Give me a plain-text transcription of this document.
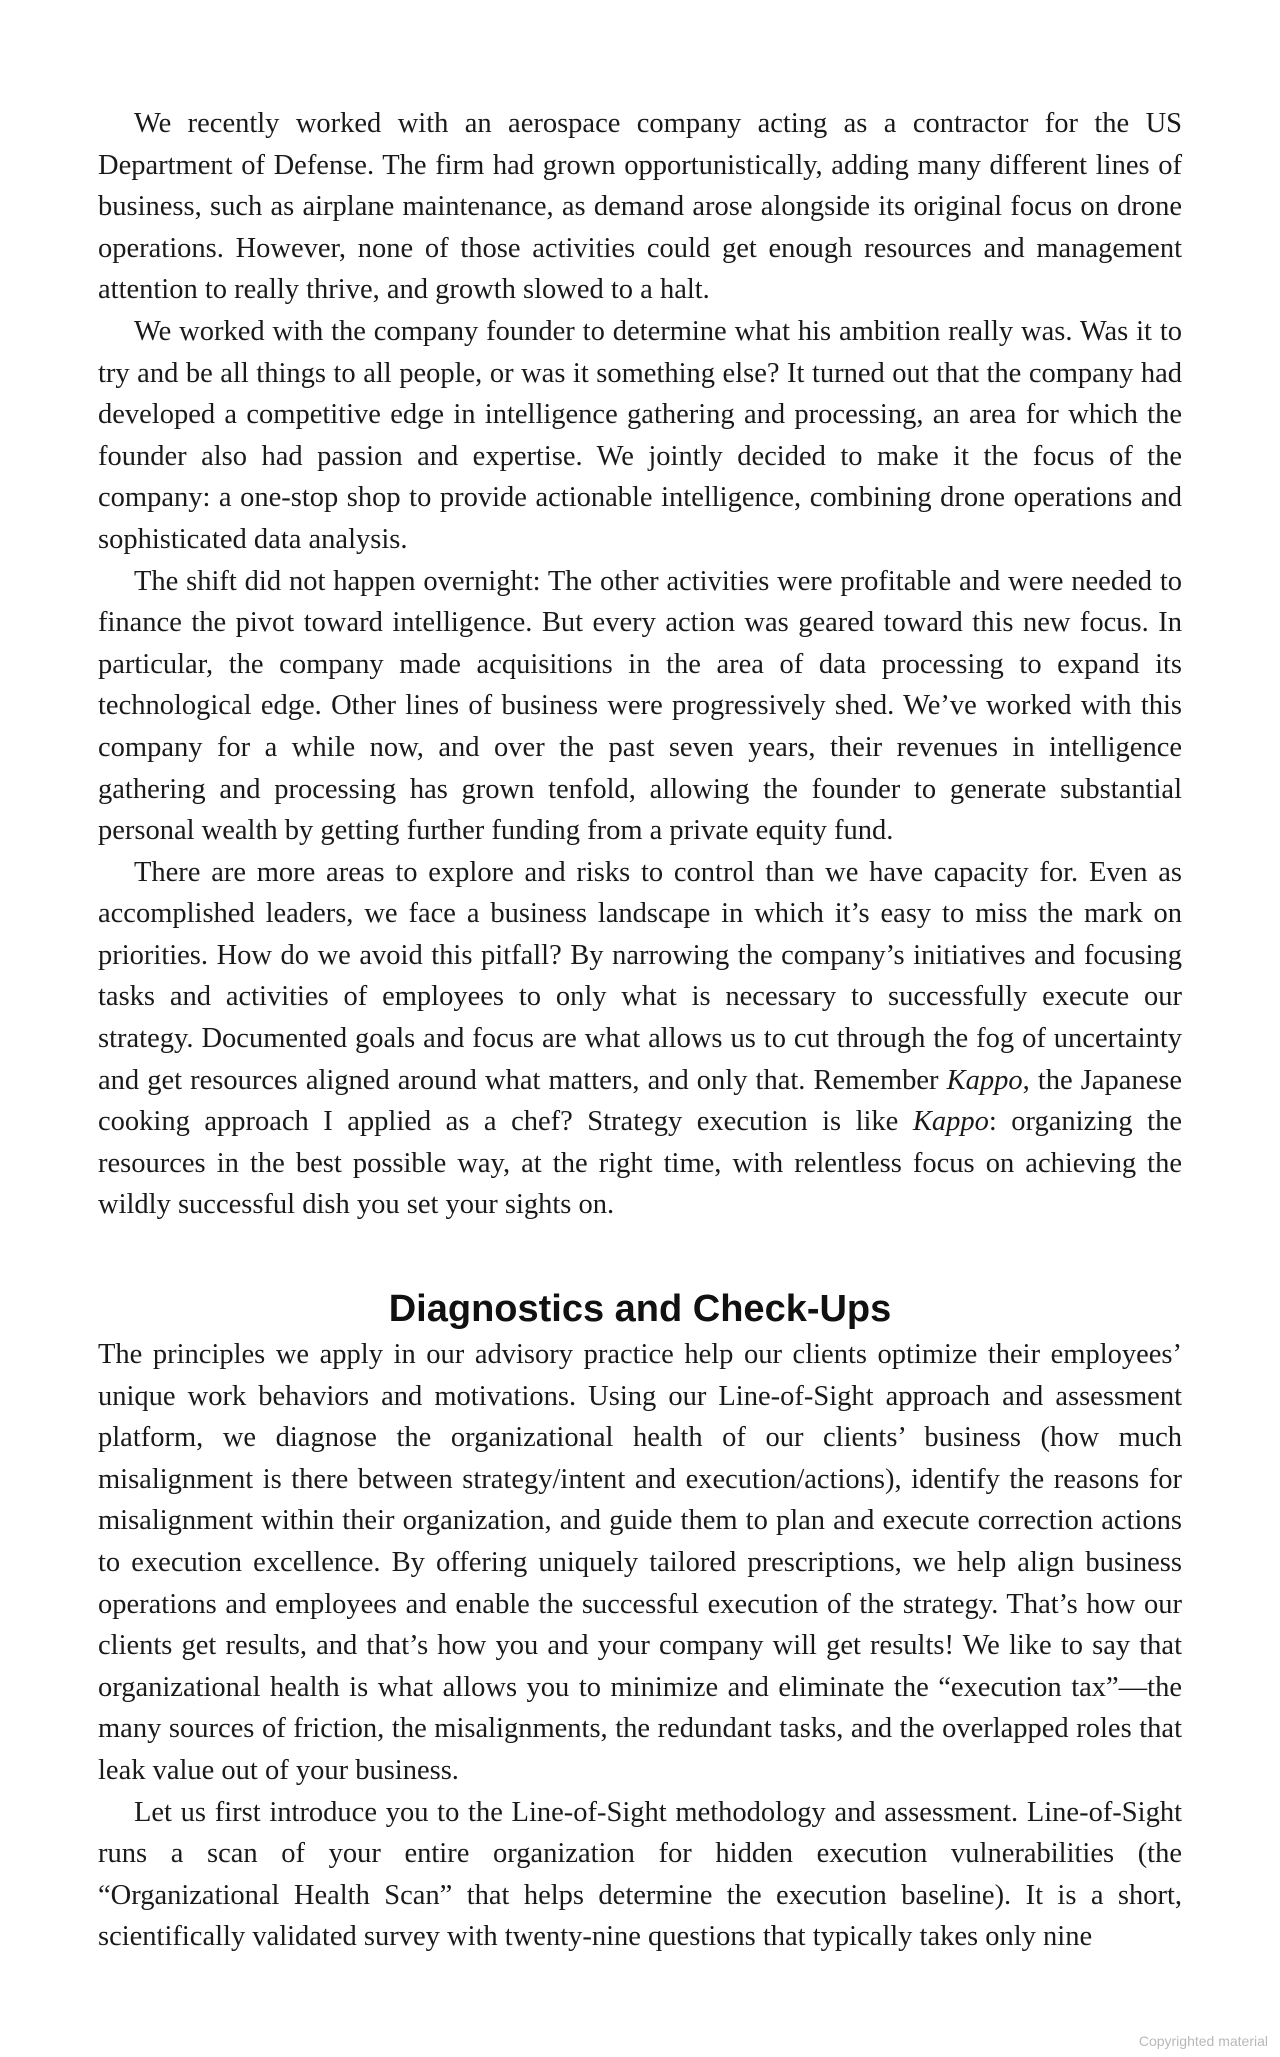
We recently worked with an aerospace company acting as a contractor for the US Department of Defense. The firm had grown opportunistically, adding many different lines of business, such as airplane maintenance, as demand arose alongside its original focus on drone operations. However, none of those activities could get enough resources and management attention to really thrive, and growth slowed to a halt.

We worked with the company founder to determine what his ambition really was. Was it to try and be all things to all people, or was it something else? It turned out that the company had developed a competitive edge in intelligence gathering and processing, an area for which the founder also had passion and expertise. We jointly decided to make it the focus of the company: a one-stop shop to provide actionable intelligence, combining drone operations and sophisticated data analysis.

The shift did not happen overnight: The other activities were profitable and were needed to finance the pivot toward intelligence. But every action was geared toward this new focus. In particular, the company made acquisitions in the area of data processing to expand its technological edge. Other lines of business were progressively shed. We’ve worked with this company for a while now, and over the past seven years, their revenues in intelligence gathering and processing has grown tenfold, allowing the founder to generate substantial personal wealth by getting further funding from a private equity fund.

There are more areas to explore and risks to control than we have capacity for. Even as accomplished leaders, we face a business landscape in which it’s easy to miss the mark on priorities. How do we avoid this pitfall? By narrowing the company’s initiatives and focusing tasks and activities of employees to only what is necessary to successfully execute our strategy. Documented goals and focus are what allows us to cut through the fog of uncertainty and get resources aligned around what matters, and only that. Remember Kappo, the Japanese cooking approach I applied as a chef? Strategy execution is like Kappo: organizing the resources in the best possible way, at the right time, with relentless focus on achieving the wildly successful dish you set your sights on.

Diagnostics and Check-Ups

The principles we apply in our advisory practice help our clients optimize their employees’ unique work behaviors and motivations. Using our Line-of-Sight approach and assessment platform, we diagnose the organizational health of our clients’ business (how much misalignment is there between strategy/intent and execution/actions), identify the reasons for misalignment within their organization, and guide them to plan and execute correction actions to execution excellence. By offering uniquely tailored prescriptions, we help align business operations and employees and enable the successful execution of the strategy. That’s how our clients get results, and that’s how you and your company will get results! We like to say that organizational health is what allows you to minimize and eliminate the “execution tax”—the many sources of friction, the misalignments, the redundant tasks, and the overlapped roles that leak value out of your business.

Let us first introduce you to the Line-of-Sight methodology and assessment. Line-of-Sight runs a scan of your entire organization for hidden execution vulnerabilities (the “Organizational Health Scan” that helps determine the execution baseline). It is a short, scientifically validated survey with twenty-nine questions that typically takes only nine

Copyrighted material
